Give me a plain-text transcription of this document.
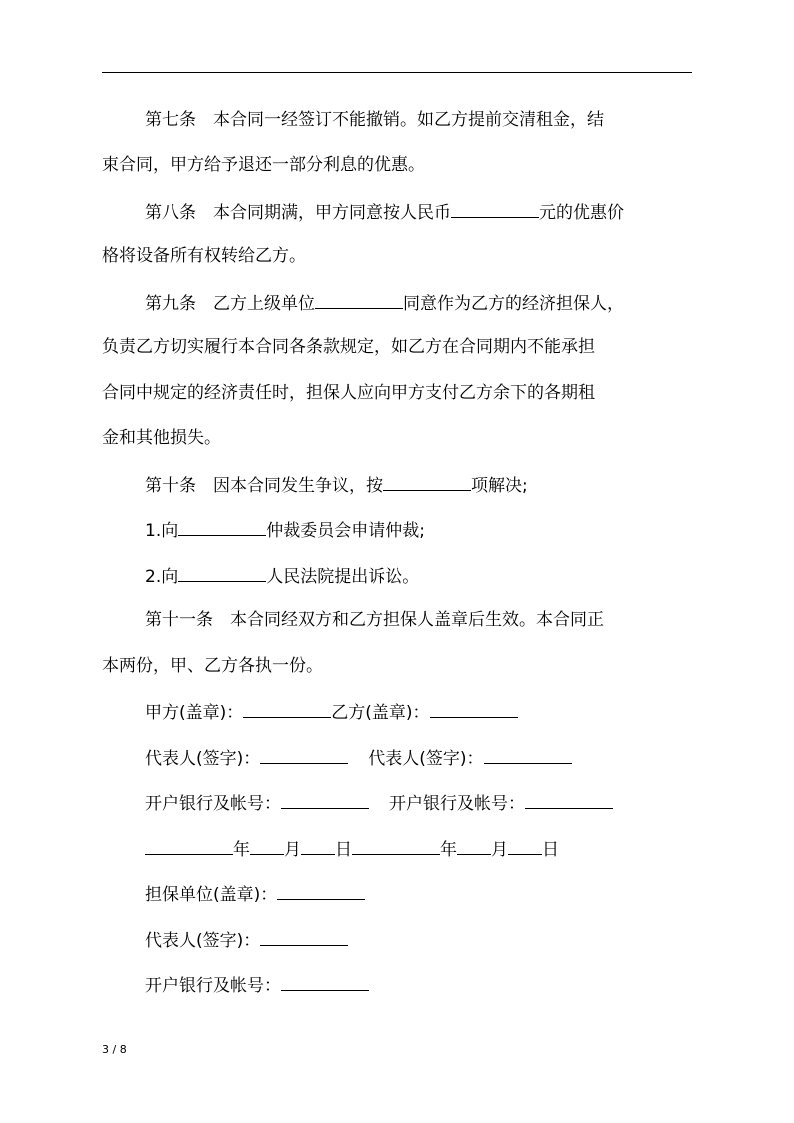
第七条　本合同一经签订不能撤销。如乙方提前交清租金，结
束合同，甲方给予退还一部分利息的优惠。
第八条　本合同期满，甲方同意按人民币	元的优惠价
格将设备所有权转给乙方。
第九条　乙方上级单位	同意作为乙方的经济担保人，
负责乙方切实履行本合同各条款规定，如乙方在合同期内不能承担
合同中规定的经济责任时，担保人应向甲方支付乙方余下的各期租
金和其他损失。
第十条　因本合同发生争议，按	项解决;
1.向	仲裁委员会申请仲裁;
2.向	人民法院提出诉讼。
第十一条　本合同经双方和乙方担保人盖章后生效。本合同正
本两份，甲、乙方各执一份。
甲方(盖章)：	乙方(盖章)：
代表人(签字)：	代表人(签字)：
开户银行及帐号：	开户银行及帐号：
年 月 日	年 月 日
担保单位(盖章)：
代表人(签字)：
开户银行及帐号：
3 / 8
